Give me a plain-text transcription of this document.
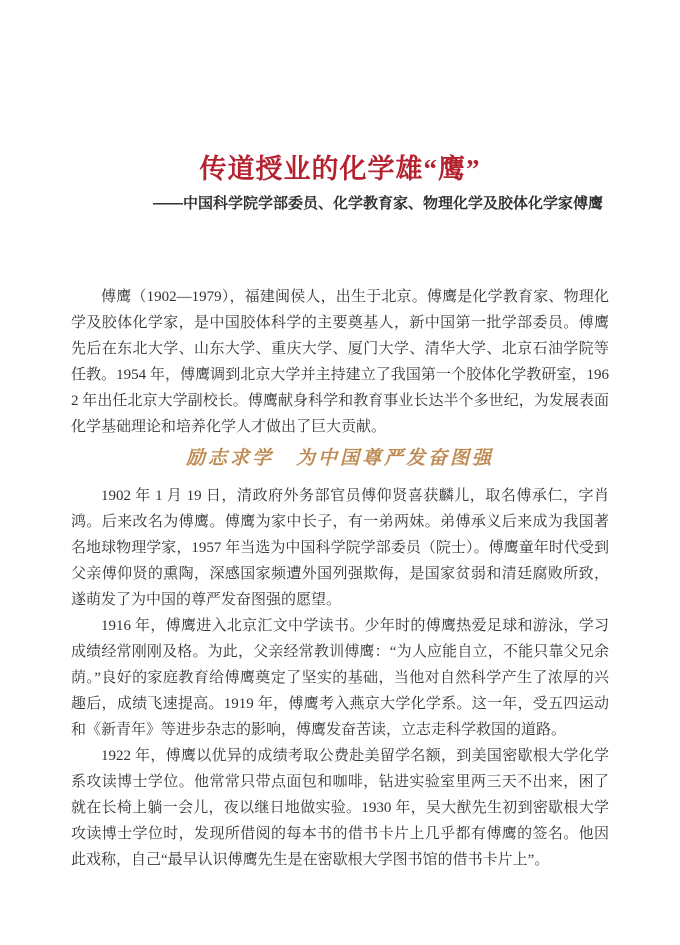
传道授业的化学雄“鹰”
——中国科学院学部委员、化学教育家、物理化学及胶体化学家傅鹰

傅鹰（1902—1979），福建闽侯人，出生于北京。傅鹰是化学教育家、物理化学及胶体化学家，是中国胶体科学的主要奠基人，新中国第一批学部委员。傅鹰先后在东北大学、山东大学、重庆大学、厦门大学、清华大学、北京石油学院等任教。1954 年，傅鹰调到北京大学并主持建立了我国第一个胶体化学教研室，1962 年出任北京大学副校长。傅鹰献身科学和教育事业长达半个多世纪，为发展表面化学基础理论和培养化学人才做出了巨大贡献。

励志求学　为中国尊严发奋图强

1902 年 1 月 19 日，清政府外务部官员傅仰贤喜获麟儿，取名傅承仁，字肖鸿。后来改名为傅鹰。傅鹰为家中长子，有一弟两妹。弟傅承义后来成为我国著名地球物理学家，1957 年当选为中国科学院学部委员（院士）。傅鹰童年时代受到父亲傅仰贤的熏陶，深感国家频遭外国列强欺侮，是国家贫弱和清廷腐败所致，遂萌发了为中国的尊严发奋图强的愿望。

1916 年，傅鹰进入北京汇文中学读书。少年时的傅鹰热爱足球和游泳，学习成绩经常刚刚及格。为此，父亲经常教训傅鹰：“为人应能自立，不能只靠父兄余荫。”良好的家庭教育给傅鹰奠定了坚实的基础，当他对自然科学产生了浓厚的兴趣后，成绩飞速提高。1919 年，傅鹰考入燕京大学化学系。这一年，受五四运动和《新青年》等进步杂志的影响，傅鹰发奋苦读，立志走科学救国的道路。

1922 年，傅鹰以优异的成绩考取公费赴美留学名额，到美国密歇根大学化学系攻读博士学位。他常常只带点面包和咖啡，钻进实验室里两三天不出来，困了就在长椅上躺一会儿，夜以继日地做实验。1930 年，吴大猷先生初到密歇根大学攻读博士学位时，发现所借阅的每本书的借书卡片上几乎都有傅鹰的签名。他因此戏称，自己“最早认识傅鹰先生是在密歇根大学图书馆的借书卡片上”。
